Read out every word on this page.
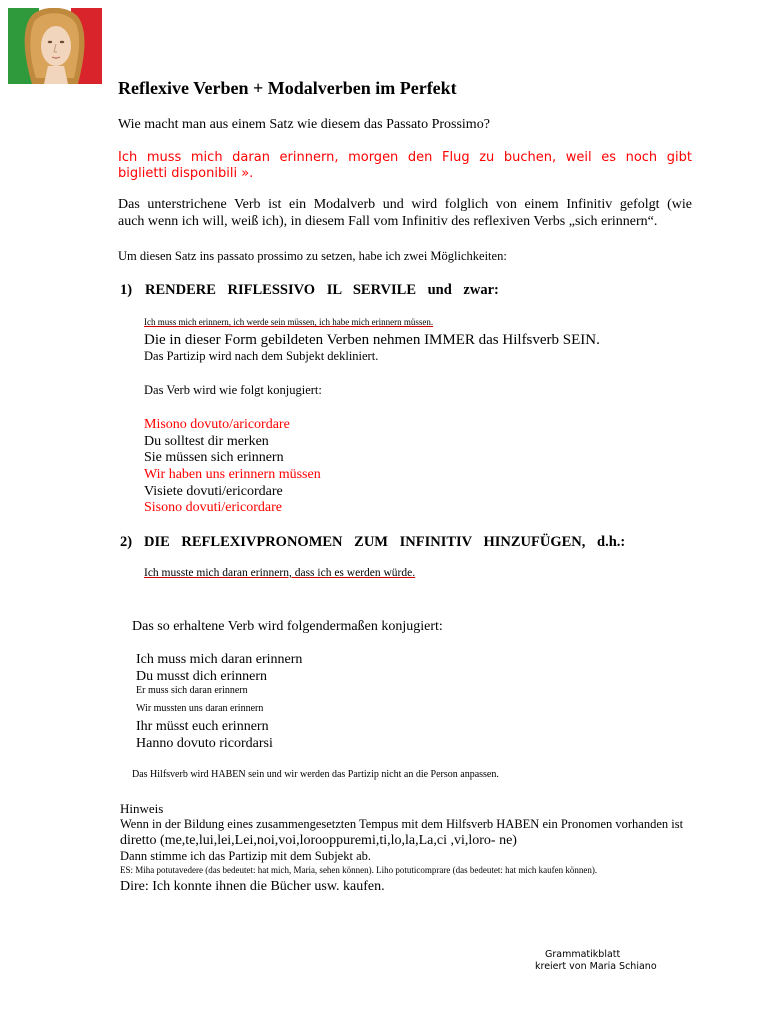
Reflexive Verben + Modalverben im Perfekt
Wie macht man aus einem Satz wie diesem das Passato Prossimo?
Ich muss mich daran erinnern, morgen den Flug zu buchen, weil es noch gibt
biglietti disponibili ».
Das unterstrichene Verb ist ein Modalverb und wird folglich von einem Infinitiv gefolgt (wie
auch wenn ich will, weiß ich), in diesem Fall vom Infinitiv des reflexiven Verbs „sich erinnern“.
Um diesen Satz ins passato prossimo zu setzen, habe ich zwei Möglichkeiten:
1) RENDERE RIFLESSIVO IL SERVILE und zwar:
Ich muss mich erinnern, ich werde sein müssen, ich habe mich erinnern müssen.
Die in dieser Form gebildeten Verben nehmen IMMER das Hilfsverb SEIN.
Das Partizip wird nach dem Subjekt dekliniert.
Das Verb wird wie folgt konjugiert:
Misono dovuto/aricordare
Du solltest dir merken
Sie müssen sich erinnern
Wir haben uns erinnern müssen
Visiete dovuti/ericordare
Sisono dovuti/ericordare
2) DIE REFLEXIVPRONOMEN ZUM INFINITIV HINZUFÜGEN, d.h.:
Ich musste mich daran erinnern, dass ich es werden würde.
Das so erhaltene Verb wird folgendermaßen konjugiert:
Ich muss mich daran erinnern
Du musst dich erinnern
Er muss sich daran erinnern
Wir mussten uns daran erinnern
Ihr müsst euch erinnern
Hanno dovuto ricordarsi
Das Hilfsverb wird HABEN sein und wir werden das Partizip nicht an die Person anpassen.
Hinweis
Wenn in der Bildung eines zusammengesetzten Tempus mit dem Hilfsverb HABEN ein Pronomen vorhanden ist
diretto (me,te,lui,lei,Lei,noi,voi,lorooppuremi,ti,lo,la,La,ci ,vi,loro- ne)
Dann stimme ich das Partizip mit dem Subjekt ab.
ES: Miha potutavedere (das bedeutet: hat mich, Maria, sehen können). Liho potuticomprare (das bedeutet: hat mich kaufen können).
Dire: Ich konnte ihnen die Bücher usw. kaufen.
Grammatikblatt
kreiert von Maria Schiano
